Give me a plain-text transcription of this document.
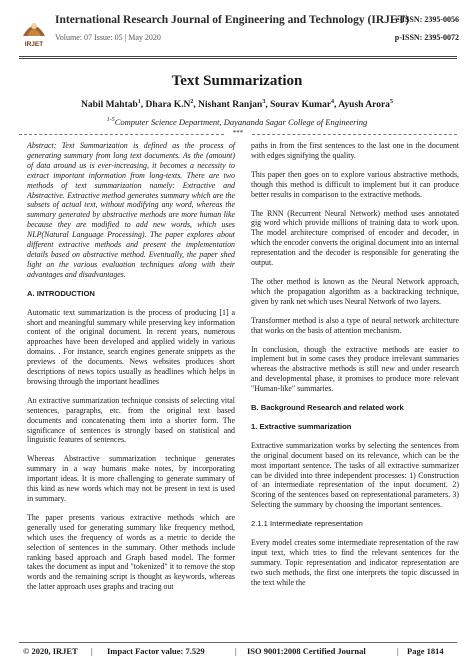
IRJET
International Research Journal of Engineering and Technology (IRJET)
Volume: 07 Issue: 05 | May 2020
e-ISSN: 2395-0056
p-ISSN: 2395-0072
Text Summarization
Nabil Mahtab$^1$, Dhara $K.N^2$, Nishant Ranjan$^3$, Sourav Kumar$^4$, Ayush Arora$^5$
$^{1-5}$Computer Science Department, Dayananda Sagar College of Engineering
***

Abstract: Text Summarization is defined as the process of generating summary from long text documents. As the (amount) of data around us is ever-increasing, it becomes a necessity to extract important information from long-texts. There are two methods of text summarization namely: Extractive and Abstractive. Extractive method generates summary which are the subsets of actual text, without modifying any word, whereas the summary generated by abstractive methods are more human like because they are modified to add new words, which uses NLP(Natural Language Processing). The paper explores about different extractive methods and present the implementation details based on abstractive method. Eventually, the paper shed light on the various evaluation techniques along with their advantages and disadvantages.

A. INTRODUCTION

Automatic text summarization is the process of producing [1] a short and meaningful summary while preserving key information content of the original document. In recent years, numerous approaches have been developed and applied widely in various domains. . For instance, search engines generate snippets as the previews of the documents. News websites produces short descriptions of news topics usually as headlines which helps in browsing through the important headlines

An extractive summarization technique consists of selecting vital sentences, paragraphs, etc. from the original text based documents and concatenating them into a shorter form. The significance of sentences is strongly based on statistical and linguistic features of sentences.

Whereas Abstractive summarization technique generates summary in a way humans make notes, by incorporating important ideas. It is more challenging to generate summary of this kind as new words which may not be present in text is used in summary.

The paper presents various extractive methods which are generally used for generating summary like frequency method, which uses the frequency of words as a metric to decide the selection of sentences in the summary. Other methods include ranking based approach and Graph based model. The former takes the document as input and "tokenized" it to remove the stop words and the remaining script is thought as keywords, whereas the latter approach uses graphs and tracing out

paths in from the first sentences to the last one in the document with edges signifying the quality.

This paper then goes on to explore various abstractive methods, though this method is difficult to implement but it can produce better results in comparison to the extractive methods.

The RNN (Recurrent Neural Network) method uses annotated gig word which provide millions of training data to work upon. The model architecture comprised of encoder and decoder, in which the encoder converts the original document into an internal representation and the decoder is responsible for generating the output.

The other method is known as the Neural Network approach, which the propagation algorithm as a backtracking technique, given by rank net which uses Neural Network of two layers.

Transformer method is also a type of neural network architecture that works on the basis of attention mechanism.

In conclusion, though the extractive methods are easier to implement but in some cases they produce irrelevant summaries whereas the abstractive methods is still new and under research and developmental phase, it promises to produce more relevant "Human-like" summaries.

B. Background Research and related work
1. Extractive summarization

Extractive summarization works by selecting the sentences from the original document based on its relevance, which can be the most important sentence. The tasks of all extractive summarizer can be divided into three independent processes: 1) Construction of an intermediate representation of the input document. 2) Scoring of the sentences based on representational parameters. 3) Selecting the summary by choosing the important sentences.

2.1.1 Intermediate representation

Every model creates some intermediate representation of the raw input text, which tries to find the relevant sentences for the summary. Topic representation and indicator representation are two such methods, the first one interprets the topic discussed in the text while the

© 2020, IRJET | Impact Factor value: 7.529	| ISO 9001:2008 Certified Journal	| Page 1814
